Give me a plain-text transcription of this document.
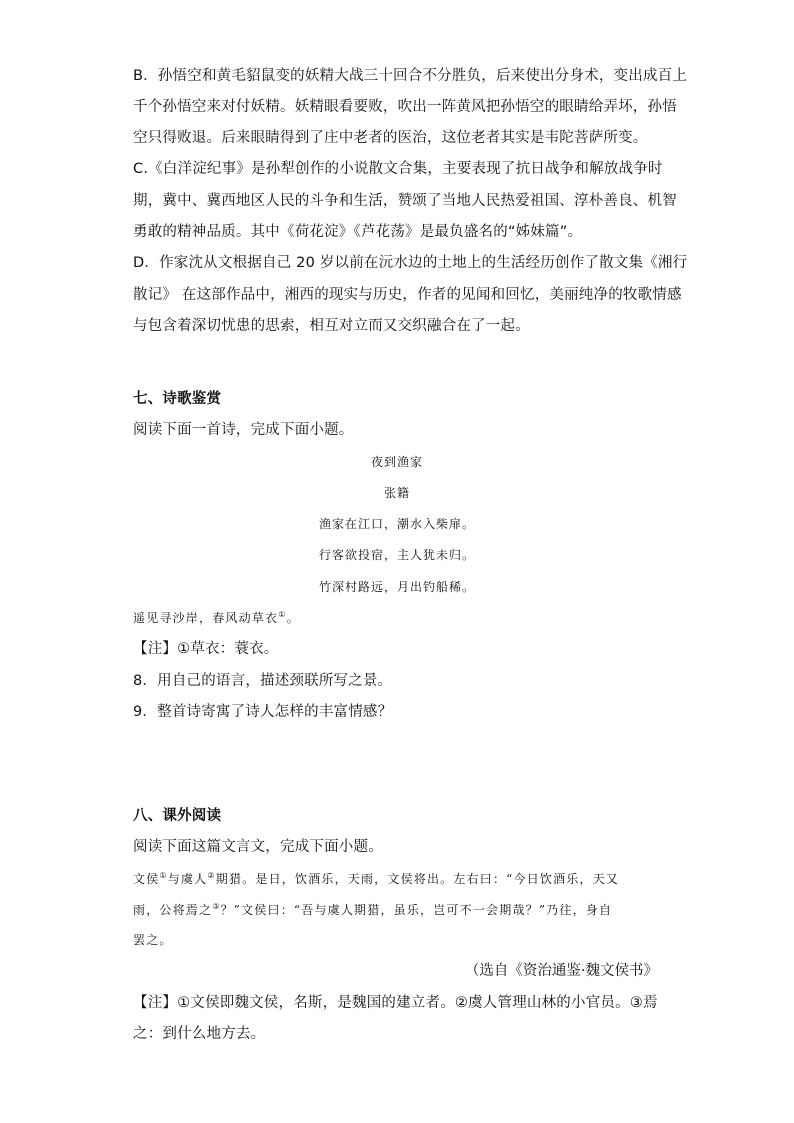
B．孙悟空和黄毛貂鼠变的妖精大战三十回合不分胜负，后来使出分身术，变出成百上
千个孙悟空来对付妖精。妖精眼看要败，吹出一阵黄风把孙悟空的眼睛给弄坏，孙悟
空只得败退。后来眼睛得到了庄中老者的医治，这位老者其实是韦陀菩萨所变。
C.《白洋淀纪事》是孙犁创作的小说散文合集，主要表现了抗日战争和解放战争时
期，冀中、冀西地区人民的斗争和生活，赞颂了当地人民热爱祖国、淳朴善良、机智
勇敢的精神品质。其中《荷花淀》《芦花荡》是最负盛名的“姊妹篇”。
D．作家沈从文根据自己 20 岁以前在沅水边的土地上的生活经历创作了散文集《湘行
散记》 在这部作品中，湘西的现实与历史，作者的见闻和回忆，美丽纯净的牧歌情感
与包含着深切忧患的思索，相互对立而又交织融合在了一起。
七、诗歌鉴赏
阅读下面一首诗，完成下面小题。
夜到渔家
张籍
渔家在江口，潮水入柴扉。
行客欲投宿，主人犹未归。
竹深村路远，月出钓船稀。
遥见寻沙岸，春风动草衣①。
【注】①草衣：蓑衣。
8．用自己的语言，描述颈联所写之景。
9．整首诗寄寓了诗人怎样的丰富情感？
八、课外阅读
阅读下面这篇文言文，完成下面小题。
文侯①与虞人②期猎。是日，饮酒乐，天雨，文侯将出。左右曰：“今日饮酒乐，天又
雨，公将焉之③？”文侯曰：“吾与虞人期猎，虽乐，岂可不一会期哉？”乃往，身自
罢之。
（选自《资治通鉴·魏文侯书》
【注】①文侯即魏文侯，名斯，是魏国的建立者。②虞人管理山林的小官员。③焉
之：到什么地方去。
